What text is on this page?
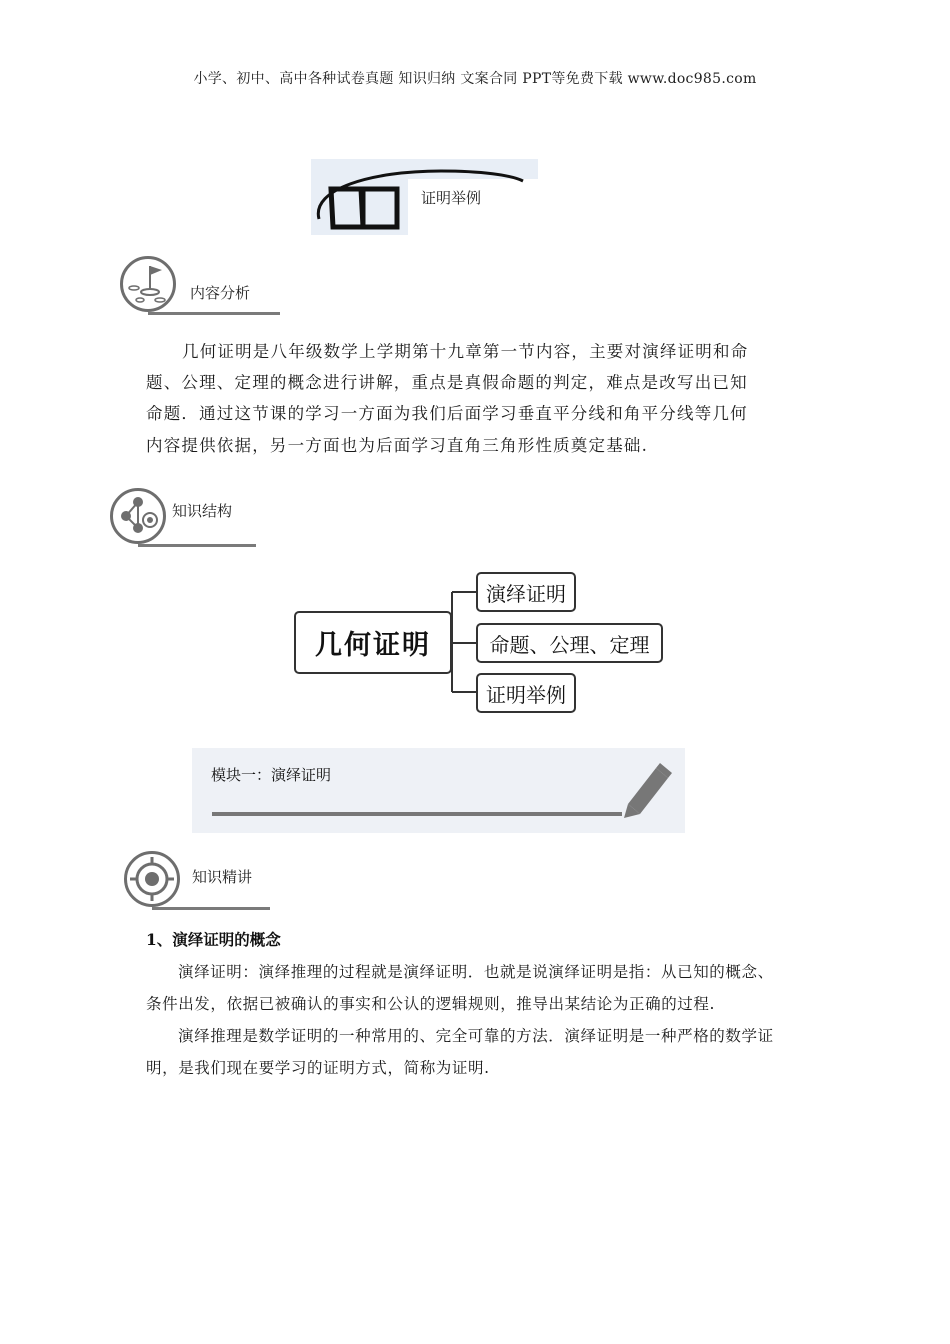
小学、初中、高中各种试卷真题 知识归纳 文案合同 PPT等免费下载 www.doc985.com
证明举例
内容分析
几何证明是八年级数学上学期第十九章第一节内容，主要对演绎证明和命
题、公理、定理的概念进行讲解，重点是真假命题的判定，难点是改写出已知
命题．通过这节课的学习一方面为我们后面学习垂直平分线和角平分线等几何
内容提供依据，另一方面也为后面学习直角三角形性质奠定基础.
知识结构
几何证明
演绎证明
命题、公理、定理
证明举例
模块一：演绎证明
知识精讲
1、演绎证明的概念
演绎证明：演绎推理的过程就是演绎证明．也就是说演绎证明是指：从已知的概念、
条件出发，依据已被确认的事实和公认的逻辑规则，推导出某结论为正确的过程.
演绎推理是数学证明的一种常用的、完全可靠的方法．演绎证明是一种严格的数学证
明，是我们现在要学习的证明方式，简称为证明.
